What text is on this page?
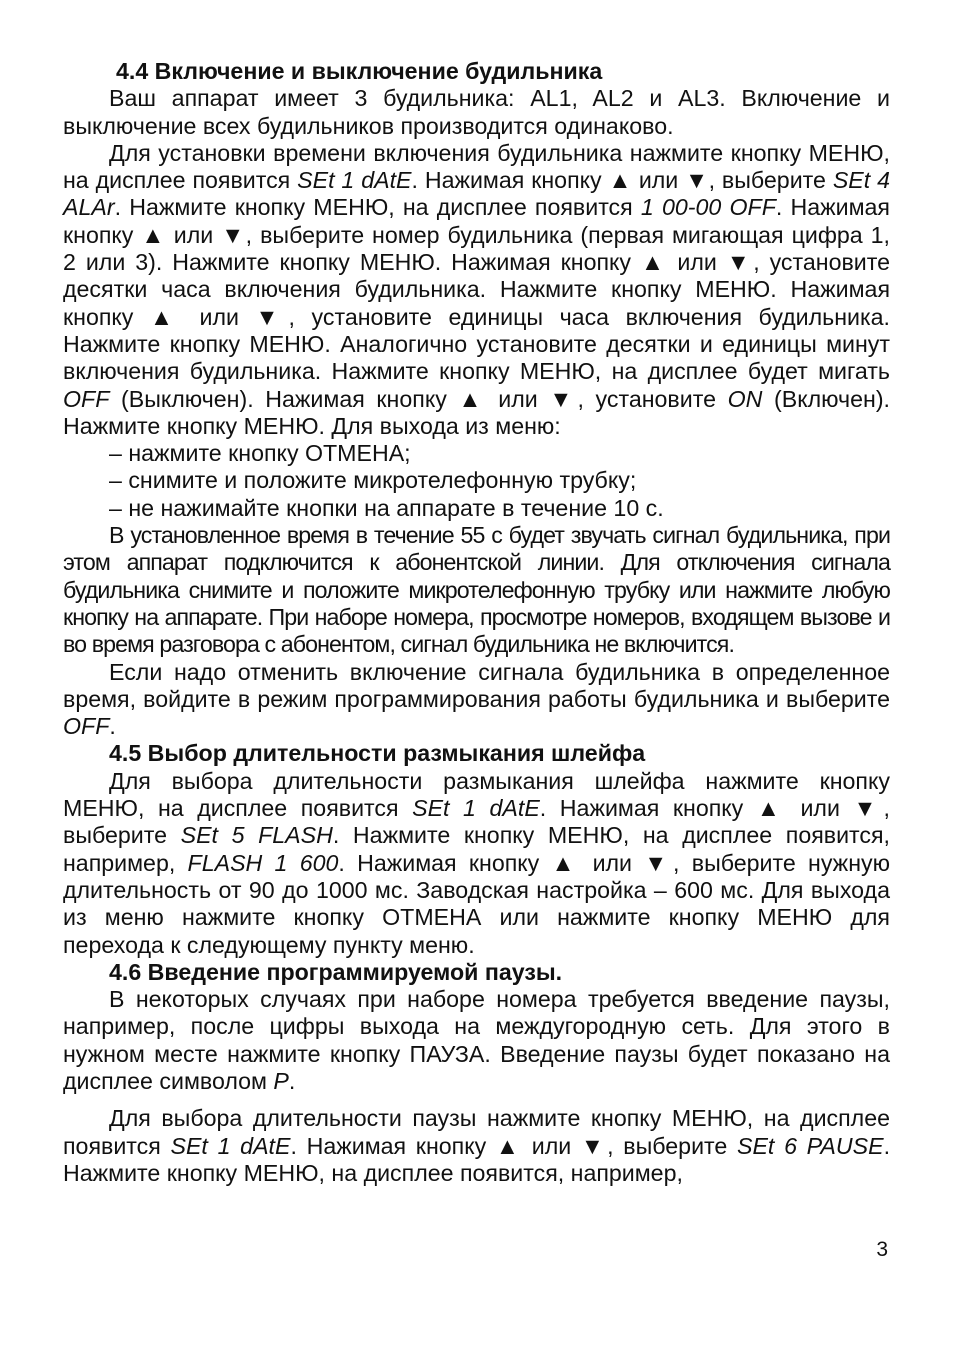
4.4 Включение и выключение будильника

Ваш аппарат имеет 3 будильника: AL1, AL2 и AL3. Включение и выключение всех будильников производится одинаково.

Для установки времени включения будильника нажмите кнопку МЕНЮ, на дисплее появится SEt 1 dAtE. Нажимая кнопку ▲ или ▼, выберите SEt 4 ALAr. Нажмите кнопку МЕНЮ, на дисплее появится 1 00-00 OFF. Нажимая кнопку ▲ или ▼, выберите номер будильника (первая мигающая цифра 1, 2 или 3). Нажмите кнопку МЕНЮ. Нажимая кнопку ▲ или ▼, установите десятки часа включения будильника. Нажмите кнопку МЕНЮ. Нажимая кнопку ▲ или ▼, установите единицы часа включения будильника. Нажмите кнопку МЕНЮ. Аналогично установите десятки и единицы минут включения будильника. Нажмите кнопку МЕНЮ, на дисплее будет мигать OFF (Выключен). Нажимая кнопку ▲ или ▼, установите ON (Включен). Нажмите кнопку МЕНЮ. Для выхода из меню:

– нажмите кнопку ОТМЕНА;
– снимите и положите микротелефонную трубку;
– не нажимайте кнопки на аппарате в течение 10 с.

В установленное время в течение 55 с будет звучать сигнал будильника, при этом аппарат подключится к абонентской линии. Для отключения сигнала будильника снимите и положите микротелефонную трубку или нажмите любую кнопку на аппарате. При наборе номера, просмотре номеров, входящем вызове и во время разговора с абонентом, сигнал будильника не включится.

Если надо отменить включение сигнала будильника в определенное время, войдите в режим программирования работы будильника и выберите OFF.

4.5 Выбор длительности размыкания шлейфа

Для выбора длительности размыкания шлейфа нажмите кнопку МЕНЮ, на дисплее появится SEt 1 dAtE. Нажимая кнопку ▲ или ▼, выберите SEt 5 FLASH. Нажмите кнопку МЕНЮ, на дисплее появится, например, FLASH 1 600. Нажимая кнопку ▲ или ▼, выберите нужную длительность от 90 до 1000 мс. Заводская настройка – 600 мс. Для выхода из меню нажмите кнопку ОТМЕНА или нажмите кнопку МЕНЮ для перехода к следующему пункту меню.

4.6 Введение программируемой паузы.

В некоторых случаях при наборе номера требуется введение паузы, например, после цифры выхода на междугородную сеть. Для этого в нужном месте нажмите кнопку ПАУЗА. Введение паузы будет показано на дисплее символом P.

Для выбора длительности паузы нажмите кнопку МЕНЮ, на дисплее появится SEt 1 dAtE. Нажимая кнопку ▲ или ▼, выберите SEt 6 PAUSE. Нажмите кнопку МЕНЮ, на дисплее появится, например,

3
